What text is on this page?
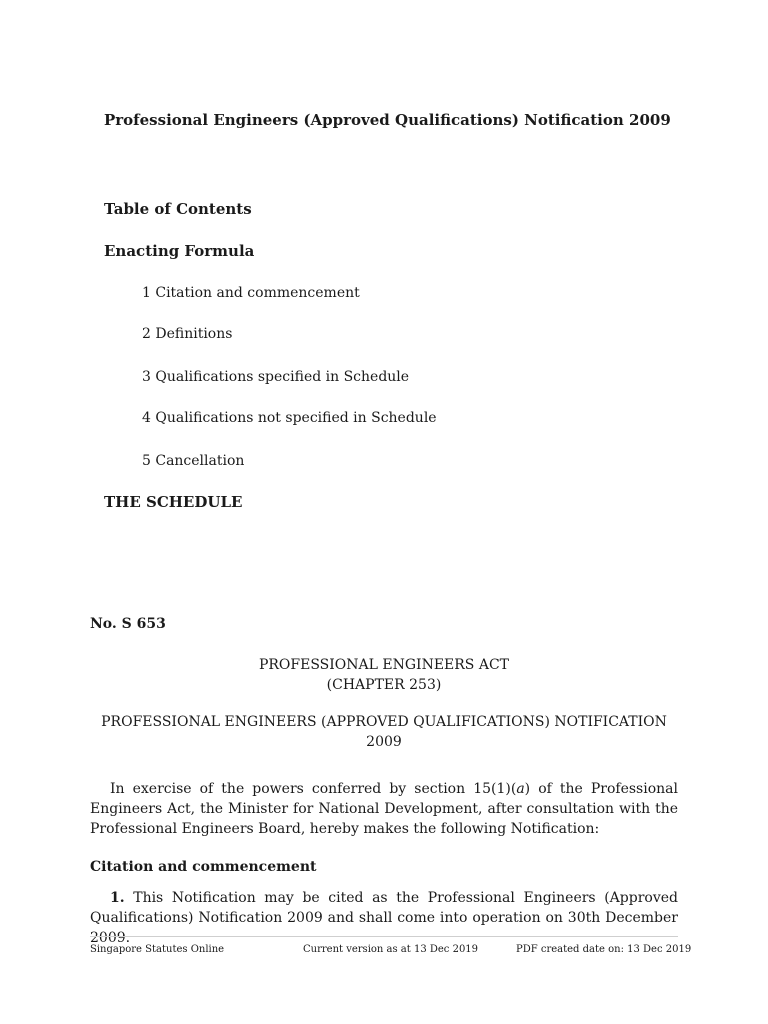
Professional Engineers (Approved Qualifications) Notification 2009
Table of Contents
Enacting Formula
1 Citation and commencement
2 Definitions
3 Qualifications specified in Schedule
4 Qualifications not specified in Schedule
5 Cancellation
THE SCHEDULE
No. S 653
PROFESSIONAL ENGINEERS ACT
(CHAPTER 253)
PROFESSIONAL ENGINEERS (APPROVED QUALIFICATIONS) NOTIFICATION 2009

In exercise of the powers conferred by section 15(1)(a) of the Professional Engineers Act, the Minister for National Development, after consultation with the Professional Engineers Board, hereby makes the following Notification:

Citation and commencement

1. This Notification may be cited as the Professional Engineers (Approved Qualifications) Notification 2009 and shall come into operation on 30th December 2009.

Singapore Statutes Online	Current version as at 13 Dec 2019	PDF created date on: 13 Dec 2019
